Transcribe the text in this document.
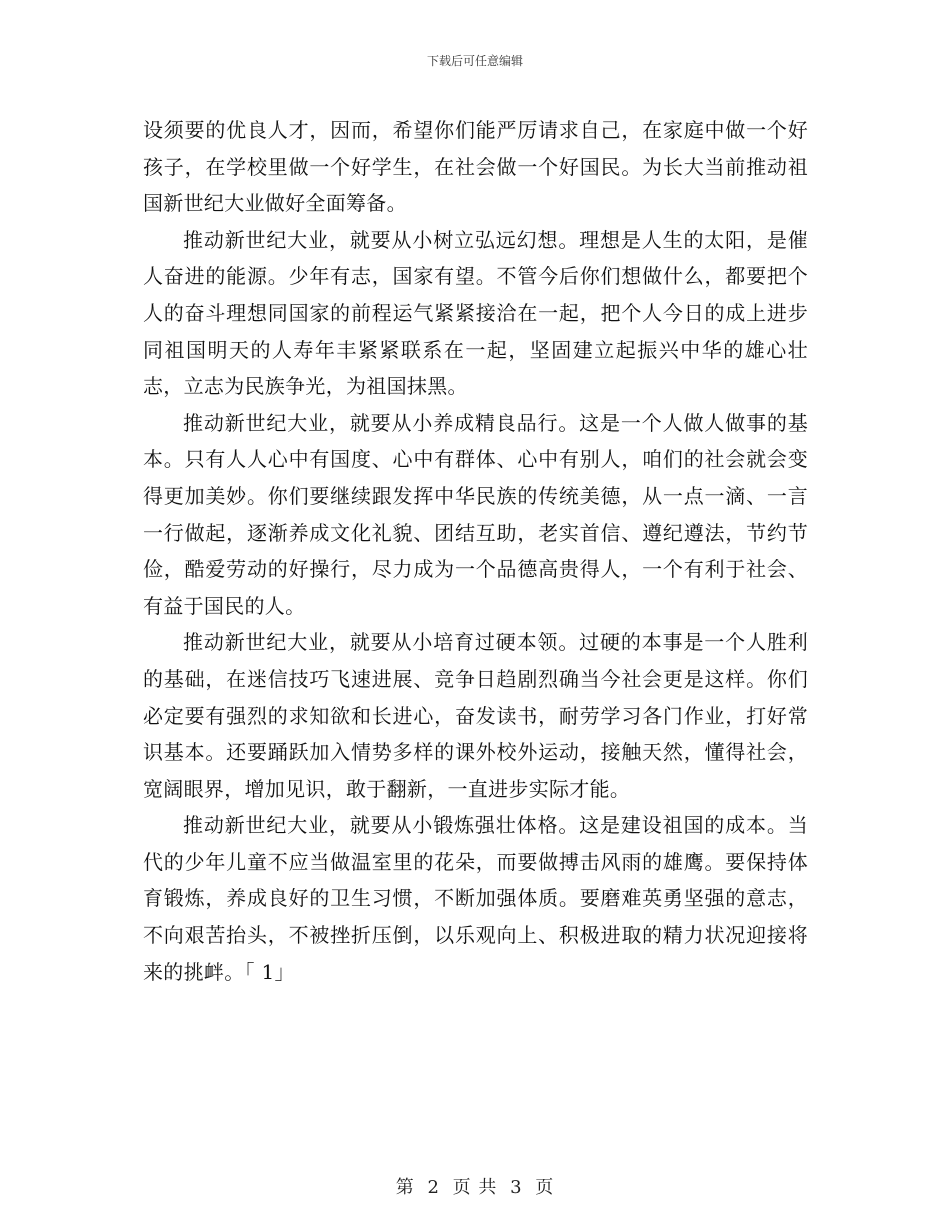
下载后可任意编辑

设须要的优良人才，因而，希望你们能严厉请求自己，在家庭中做一个好孩子，在学校里做一个好学生，在社会做一个好国民。为长大当前推动祖国新世纪大业做好全面筹备。

推动新世纪大业，就要从小树立弘远幻想。理想是人生的太阳，是催人奋进的能源。少年有志，国家有望。不管今后你们想做什么，都要把个人的奋斗理想同国家的前程运气紧紧接洽在一起，把个人今日的成上进步同祖国明天的人寿年丰紧紧联系在一起，坚固建立起振兴中华的雄心壮志，立志为民族争光，为祖国抹黑。

推动新世纪大业，就要从小养成精良品行。这是一个人做人做事的基本。只有人人心中有国度、心中有群体、心中有别人，咱们的社会就会变得更加美妙。你们要继续跟发挥中华民族的传统美德，从一点一滴、一言一行做起，逐渐养成文化礼貌、团结互助，老实首信、遵纪遵法，节约节俭，酷爱劳动的好操行，尽力成为一个品德高贵得人，一个有利于社会、有益于国民的人。

推动新世纪大业，就要从小培育过硬本领。过硬的本事是一个人胜利的基础，在迷信技巧飞速进展、竞争日趋剧烈确当今社会更是这样。你们必定要有强烈的求知欲和长进心，奋发读书，耐劳学习各门作业，打好常识基本。还要踊跃加入情势多样的课外校外运动，接触天然，懂得社会，宽阔眼界，增加见识，敢于翻新，一直进步实际才能。

推动新世纪大业，就要从小锻炼强壮体格。这是建设祖国的成本。当代的少年儿童不应当做温室里的花朵，而要做搏击风雨的雄鹰。要保持体育锻炼，养成良好的卫生习惯，不断加强体质。要磨难英勇坚强的意志，不向艰苦抬头，不被挫折压倒，以乐观向上、积极进取的精力状况迎接将来的挑衅。「 1」

第 2 页 共 3 页
